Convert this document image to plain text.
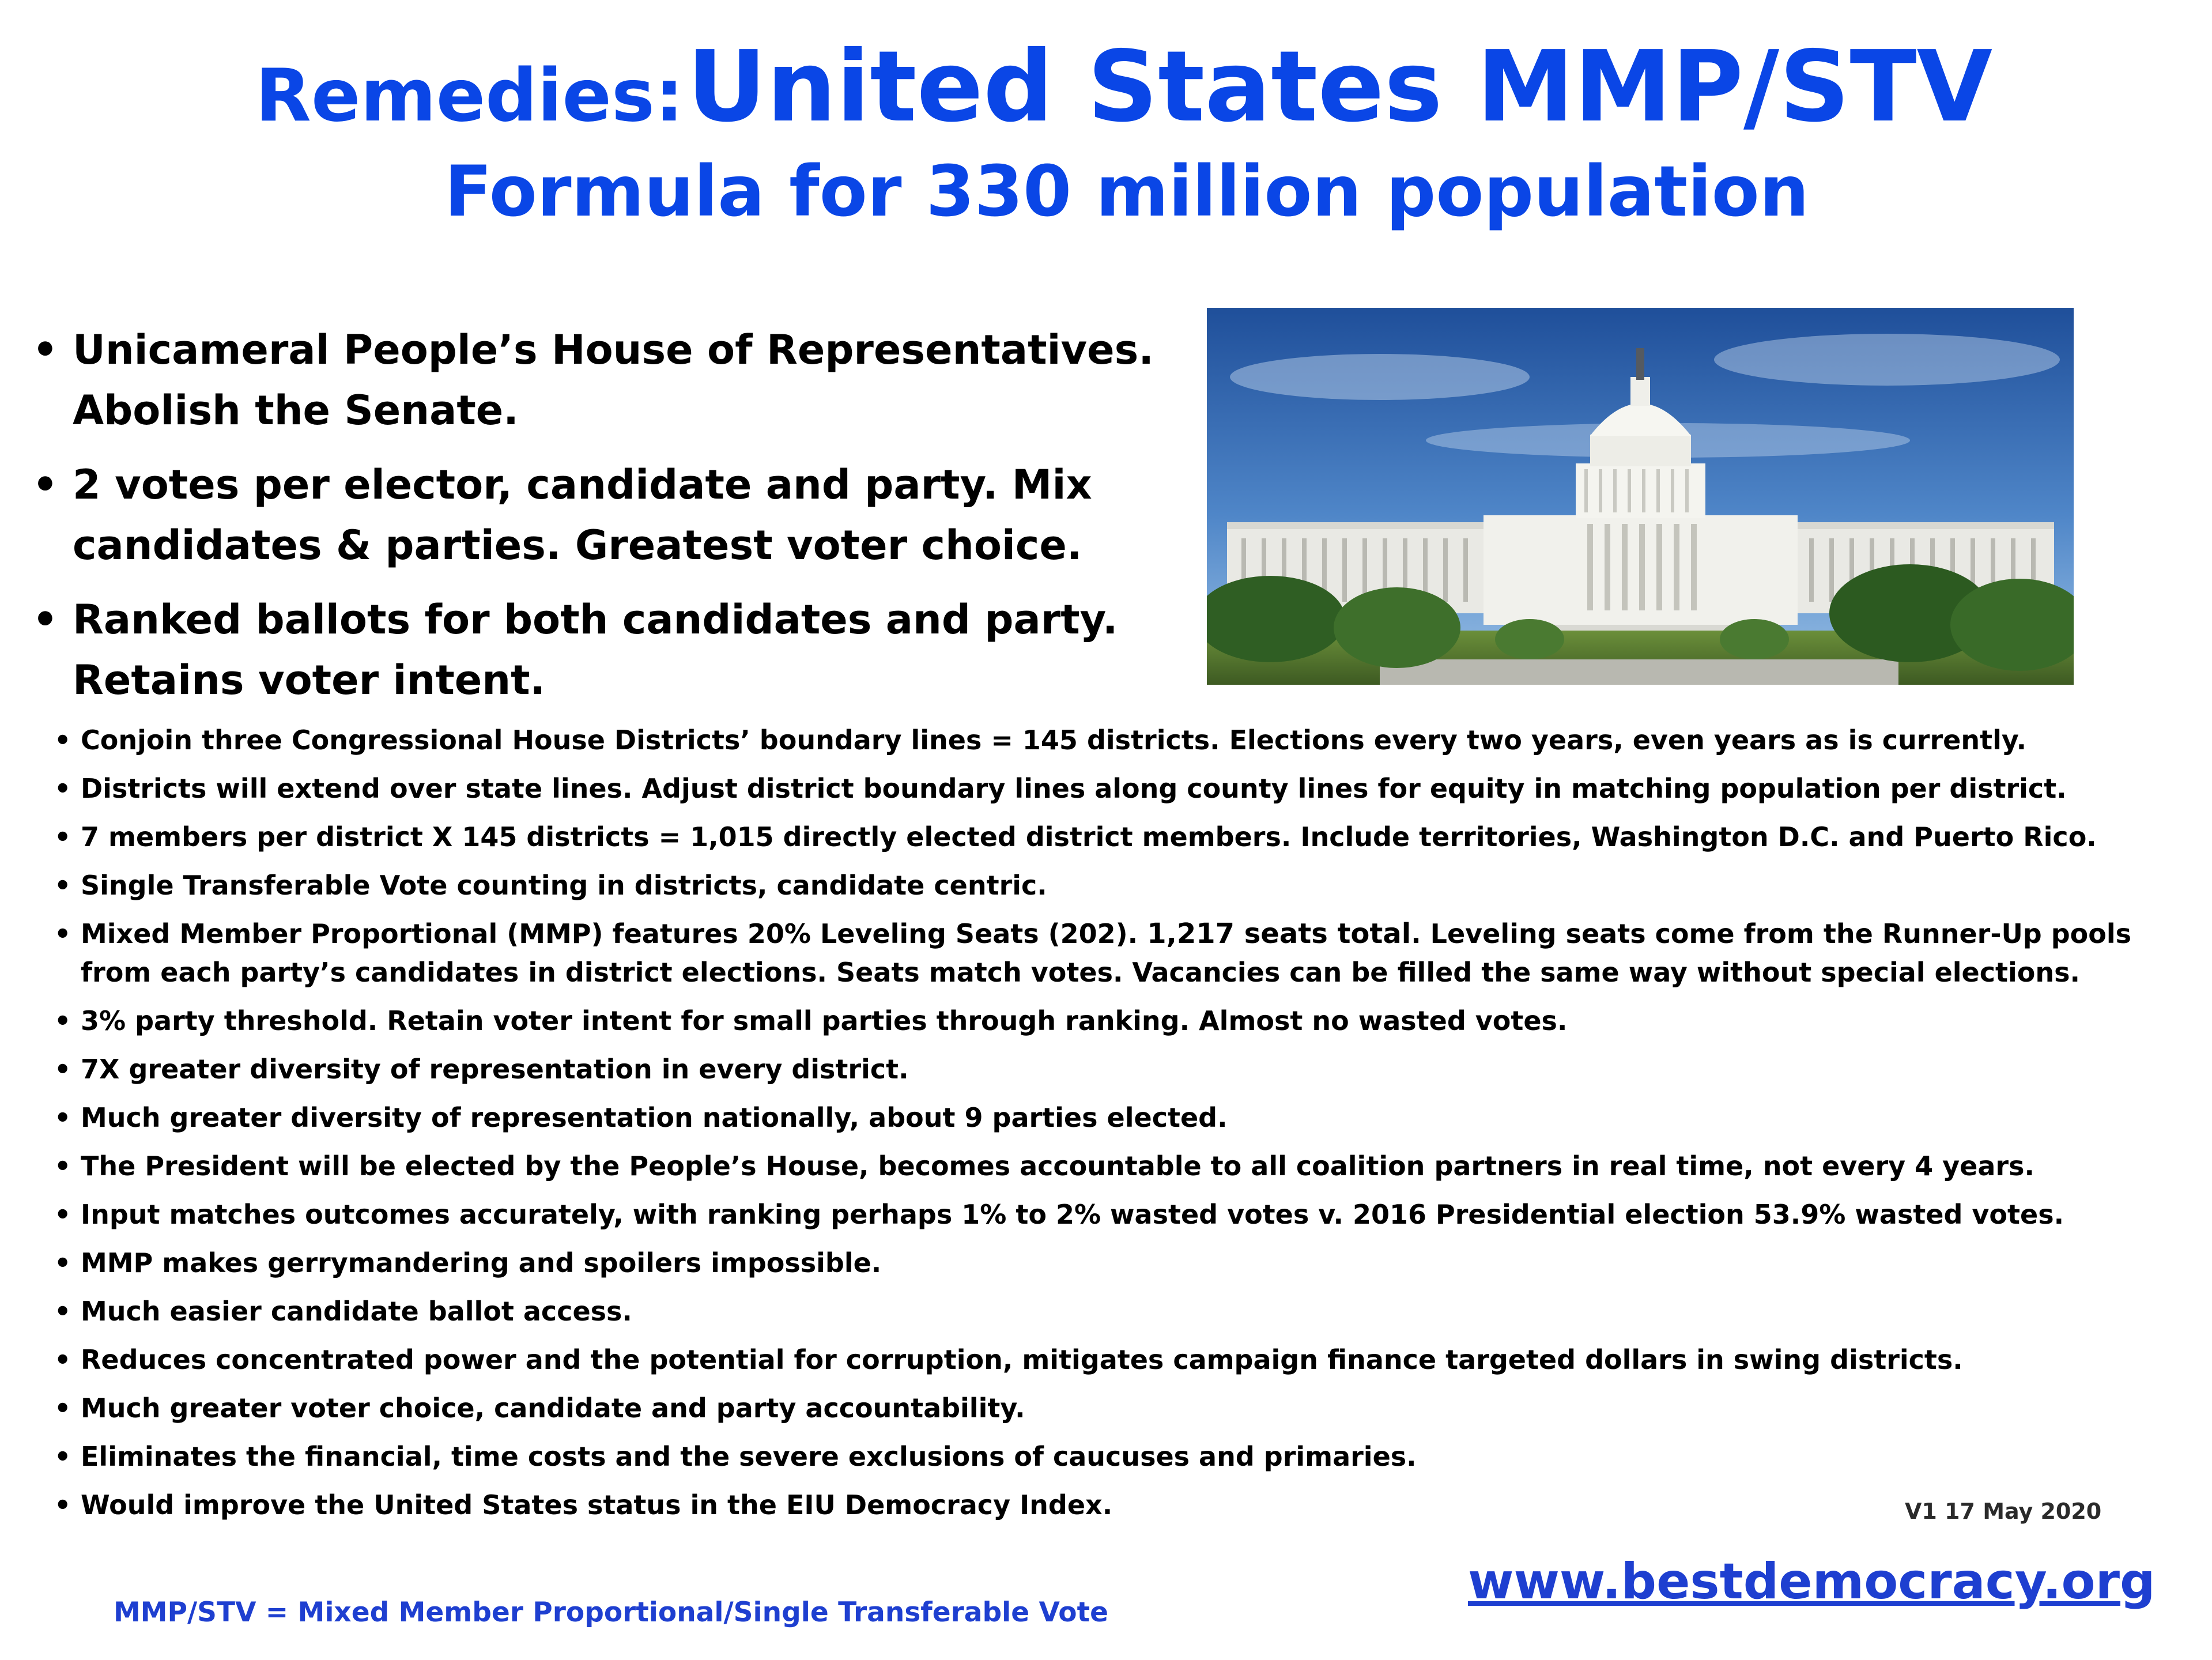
Remedies: United States MMP/STV
Formula for 330 million population
• Unicameral People’s House of Representatives.
Abolish the Senate.
• 2 votes per elector, candidate and party. Mix
candidates & parties. Greatest voter choice.
• Ranked ballots for both candidates and party.
Retains voter intent.
• Conjoin three Congressional House Districts’ boundary lines = 145 districts. Elections every two years, even years as is currently.
• Districts will extend over state lines. Adjust district boundary lines along county lines for equity in matching population per district.
• 7 members per district X 145 districts = 1,015 directly elected district members. Include territories, Washington D.C. and Puerto Rico.
• Single Transferable Vote counting in districts, candidate centric.
• Mixed Member Proportional (MMP) features 20% Leveling Seats (202). 1,217 seats total. Leveling seats come from the Runner-Up pools
from each party’s candidates in district elections. Seats match votes. Vacancies can be filled the same way without special elections.
• 3% party threshold. Retain voter intent for small parties through ranking. Almost no wasted votes.
• 7X greater diversity of representation in every district.
• Much greater diversity of representation nationally, about 9 parties elected.
• The President will be elected by the People’s House, becomes accountable to all coalition partners in real time, not every 4 years.
• Input matches outcomes accurately, with ranking perhaps 1% to 2% wasted votes v. 2016 Presidential election 53.9% wasted votes.
• MMP makes gerrymandering and spoilers impossible.
• Much easier candidate ballot access.
• Reduces concentrated power and the potential for corruption, mitigates campaign finance targeted dollars in swing districts.
• Much greater voter choice, candidate and party accountability.
• Eliminates the financial, time costs and the severe exclusions of caucuses and primaries.
• Would improve the United States status in the EIU Democracy Index.	V1 17 May 2020
www.bestdemocracy.org
MMP/STV = Mixed Member Proportional/Single Transferable Vote
